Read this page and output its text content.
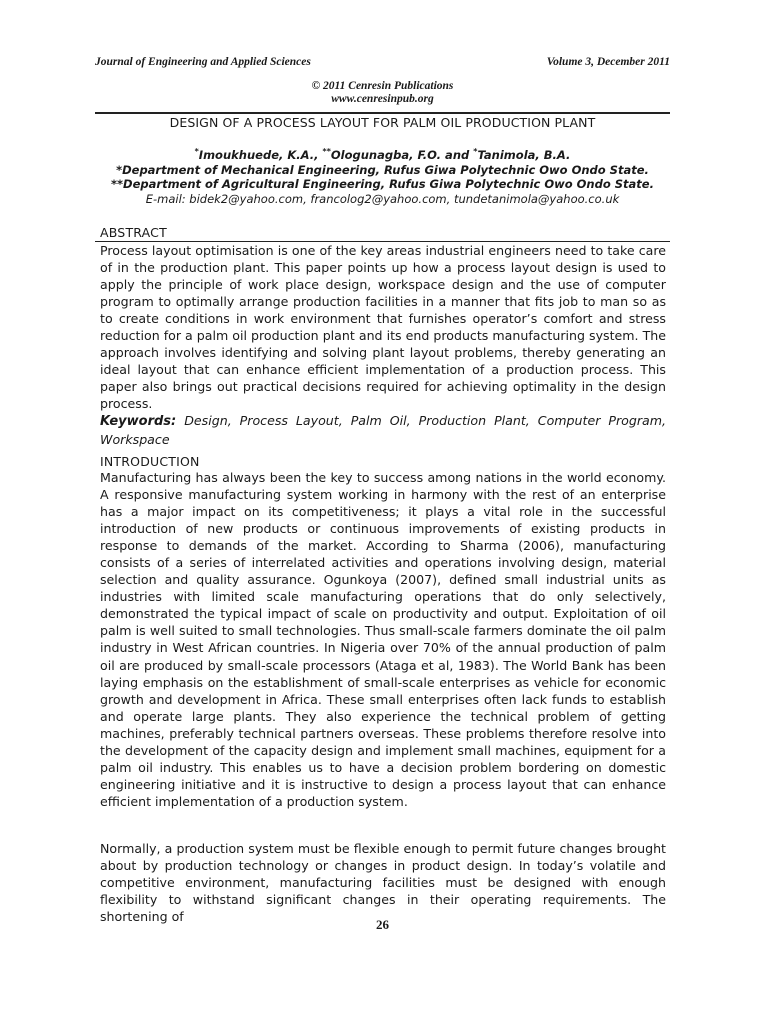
Journal of Engineering and Applied Sciences	Volume 3, December 2011
© 2011 Cenresin Publications
www.cenresinpub.org
DESIGN OF A PROCESS LAYOUT FOR PALM OIL PRODUCTION PLANT
*Imoukhuede, K.A., **Ologunagba, F.O. and *Tanimola, B.A.
*Department of Mechanical Engineering, Rufus Giwa Polytechnic Owo Ondo State.
**Department of Agricultural Engineering, Rufus Giwa Polytechnic Owo Ondo State.
E-mail: bidek2@yahoo.com, francolog2@yahoo.com, tundetanimola@yahoo.co.uk
ABSTRACT

Process layout optimisation is one of the key areas industrial engineers need to take care of in the production plant. This paper points up how a process layout design is used to apply the principle of work place design, workspace design and the use of computer program to optimally arrange production facilities in a manner that fits job to man so as to create conditions in work environment that furnishes operator’s comfort and stress reduction for a palm oil production plant and its end products manufacturing system. The approach involves identifying and solving plant layout problems, thereby generating an ideal layout that can enhance efficient implementation of a production process. This paper also brings out practical decisions required for achieving optimality in the design process.

Keywords: Design, Process Layout, Palm Oil, Production Plant, Computer Program, Workspace

INTRODUCTION

Manufacturing has always been the key to success among nations in the world economy. A responsive manufacturing system working in harmony with the rest of an enterprise has a major impact on its competitiveness; it plays a vital role in the successful introduction of new products or continuous improvements of existing products in response to demands of the market. According to Sharma (2006), manufacturing consists of a series of interrelated activities and operations involving design, material selection and quality assurance. Ogunkoya (2007), defined small industrial units as industries with limited scale manufacturing operations that do only selectively, demonstrated the typical impact of scale on productivity and output. Exploitation of oil palm is well suited to small technologies. Thus small-scale farmers dominate the oil palm industry in West African countries. In Nigeria over 70% of the annual production of palm oil are produced by small-scale processors (Ataga et al, 1983). The World Bank has been laying emphasis on the establishment of small-scale enterprises as vehicle for economic growth and development in Africa. These small enterprises often lack funds to establish and operate large plants. They also experience the technical problem of getting machines, preferably technical partners overseas. These problems therefore resolve into the development of the capacity design and implement small machines, equipment for a palm oil industry. This enables us to have a decision problem bordering on domestic engineering initiative and it is instructive to design a process layout that can enhance efficient implementation of a production system.

Normally, a production system must be flexible enough to permit future changes brought about by production technology or changes in product design. In today’s volatile and competitive environment, manufacturing facilities must be designed with enough flexibility to withstand significant changes in their operating requirements. The shortening of

26
